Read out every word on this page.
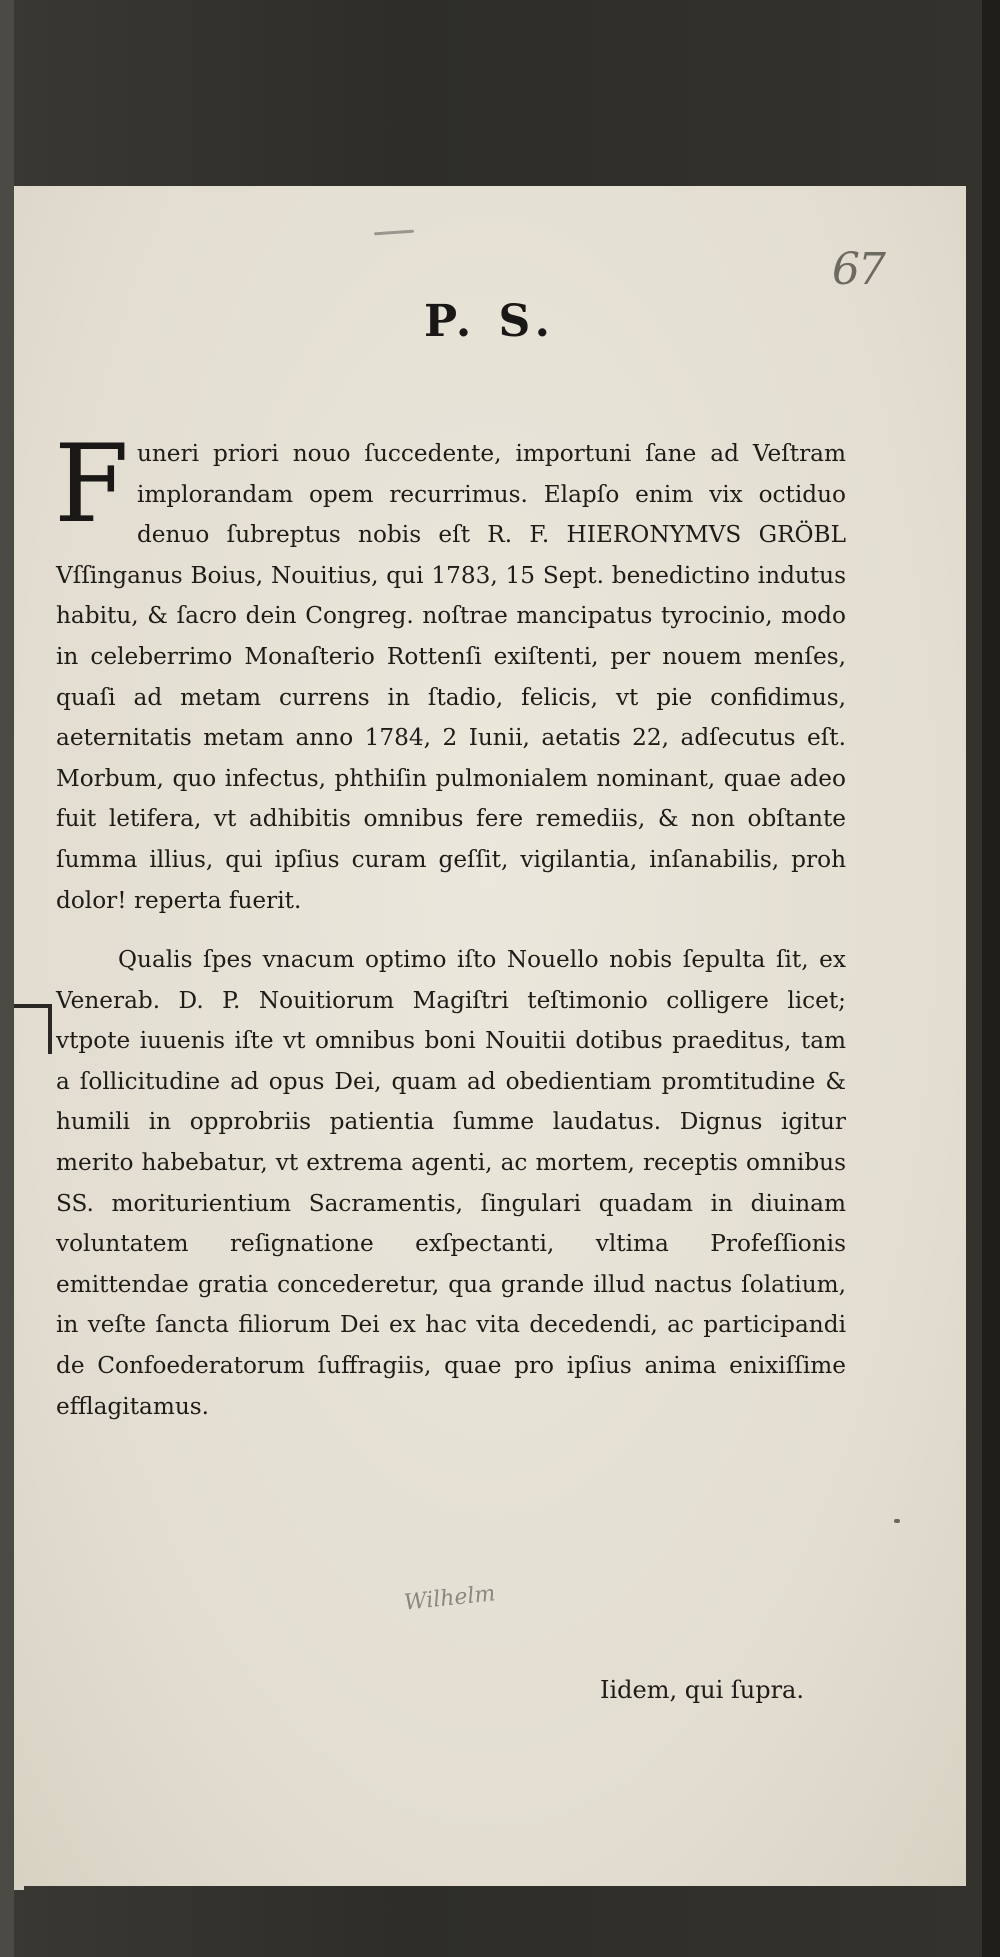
67
P. S.

Funeri priori nouo ſuccedente, importuni ſane ad Veſtram implorandam opem recurrimus. Elapſo enim vix octiduo denuo ſubreptus nobis eſt R. F. HIERONYMVS GRÖBL Vſſinganus Boius, Nouitius, qui 1783, 15 Sept. benedictino indutus habitu, & ſacro dein Congreg. noſtrae mancipatus tyrocinio, modo in celeberrimo Monaſterio Rottenſi exiſtenti, per nouem menſes, quaſi ad metam currens in ſtadio, felicis, vt pie confidimus, aeternitatis metam anno 1784, 2 Iunii, aetatis 22, adſecutus eſt. Morbum, quo infectus, phthiſin pulmonialem nominant, quae adeo fuit letifera, vt adhibitis omnibus fere remediis, & non obſtante ſumma illius, qui ipſius curam geſſit, vigilantia, inſanabilis, proh dolor! reperta fuerit.

Qualis ſpes vnacum optimo iſto Nouello nobis ſepulta ſit, ex Venerab. D. P. Nouitiorum Magiſtri teſtimonio colligere licet; vtpote iuuenis iſte vt omnibus boni Nouitii dotibus praeditus, tam a ſollicitudine ad opus Dei, quam ad obedientiam promtitudine & humili in opprobriis patientia ſumme laudatus. Dignus igitur merito habebatur, vt extrema agenti, ac mortem, receptis omnibus SS. moriturientium Sacramentis, ſingulari quadam in diuinam voluntatem reſignatione exſpectanti, vltima Profeſſionis emittendae gratia concederetur, qua grande illud nactus ſolatium, in veſte ſancta filiorum Dei ex hac vita decedendi, ac participandi de Confoederatorum ſuffragiis, quae pro ipſius anima enixiſſime efflagitamus.

Wilhelm
Iidem, qui ſupra.
